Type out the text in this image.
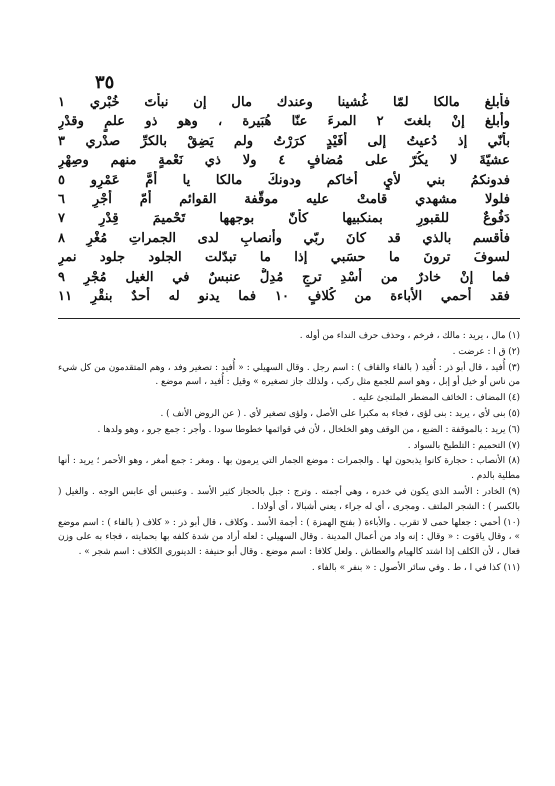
٣٥
فأبلغ مالكا لمّا غُشينا وعندك مال إن نبأتَ خُبْري ١
وأبلغ إنْ بلغتَ ٢ المرءَ عنّا هُبَيرة ، وهو ذو علمٍ وقدْرِ
بأنّي إذ دُعيتُ إلى أُفَيْدٍ كرَرْتُ ولم يَضِقْ بالكرِّ صدْري ٣
عشيّةَ لا يكُرّ على مُضافٍ ٤ ولا ذي نَعْمةٍ منهم وصِهْرِ
فدونكمُ بني لأيٍ أخاكم ودونكَ مالكا يا أمَّ عَمْرِو ٥
فلولا مشهدي قامتْ عليه موقّفة القوائم أمّ أجْرِ ٦
دَفُوعٌ للقبورِ بمنكبيها كأنّ بوجهها تَحْميمَ قِدْرِ ٧
فأُقسم بالذي قد كانَ ربّي وأنصابِ لدى الجمراتِ مُغْرِ ٨
لسوفَ ترونَ ما حسَبي إذا ما تبدّلت الجلود جلود نمرِ
فما إنْ خادرٌ من أُسْدِ ترجٍ مُدِلٌّ عنبسٌ في الغيل مُجْرِ ٩
فقد أحمي الأَباءة من كُلافٍ ١٠ فما يدنو له أحدٌ بنقْرِ ١١

(١) مال ، يريد : مالك ، فرخم ، وحذف حرف النداء من أوله .

(٢) ق ا : عرضت .

(٣) أُفيد ، قال أبو ذر : أُفيد ( بالفاء والقاف ) : اسم رجل . وقال السهيلي : « أُفيد : تصغير وفد ، وهم المتقدمون من كل شيء من ناس أو خيل أو إبل ، وهو اسم للجمع مثل ركب ، ولذلك جاز تصغيره » وقيل : أُفيد ، اسم موضع .

(٤) المضاف : الخائف المضطر الملتجئ عليه .

(٥) بنى لأي ، يريد : بنى لؤى ، فجاء به مكبرا على الأصل ، ولؤى تصغير لأي . ( عن الروض الأنف ) .

(٦) يريد : بالموقفة : الضبع ، من الوقف وهو الخلخال ، لأن في قوائمها خطوطا سودا . وأجر : جمع جرو ، وهو ولدها .

(٧) التحميم : التلطيخ بالسواد .

(٨) الأنصاب : حجارة كانوا يذبحون لها . والجمرات : موضع الجمار التي يرمون بها . ومغر : جمع أمغر ، وهو الأحمر ؛ يريد : أنها مطلية بالدم .

(٩) الخادر : الأسد الذي يكون في خدره ، وهي أجمته . وترج : جبل بالحجاز كثير الأسد . وعنبس أي عابس الوجه . والغيل ( بالكسر ) : الشجر الملتف . ومجرى ، أي له جراء ، يعني أشبالا ، أي أولادا .

(١٠) أحمي : جعلها حمى لا تقرب . والأباءة ( بفتح الهمزة ) : أجمة الأسد . وكلاف ، قال أبو ذر : « كلاف ( بالفاء ) : اسم موضع » ، وقال ياقوت : « وقال : إنه واد من أعمال المدينة . وقال السهيلي : لعله أراد من شدة كلفه بها بحمايته ، فجاء به على وزن فعال ، لأن الكلف إذا اشتد كالهيام والعطاش . ولعل كلافا : اسم موضع . وقال أبو حنيفة : الدينوري الكلاف : اسم شجر » .

(١١) كذا في ا ، ط . وفي سائر الأصول : « بنفر » بالفاء .
